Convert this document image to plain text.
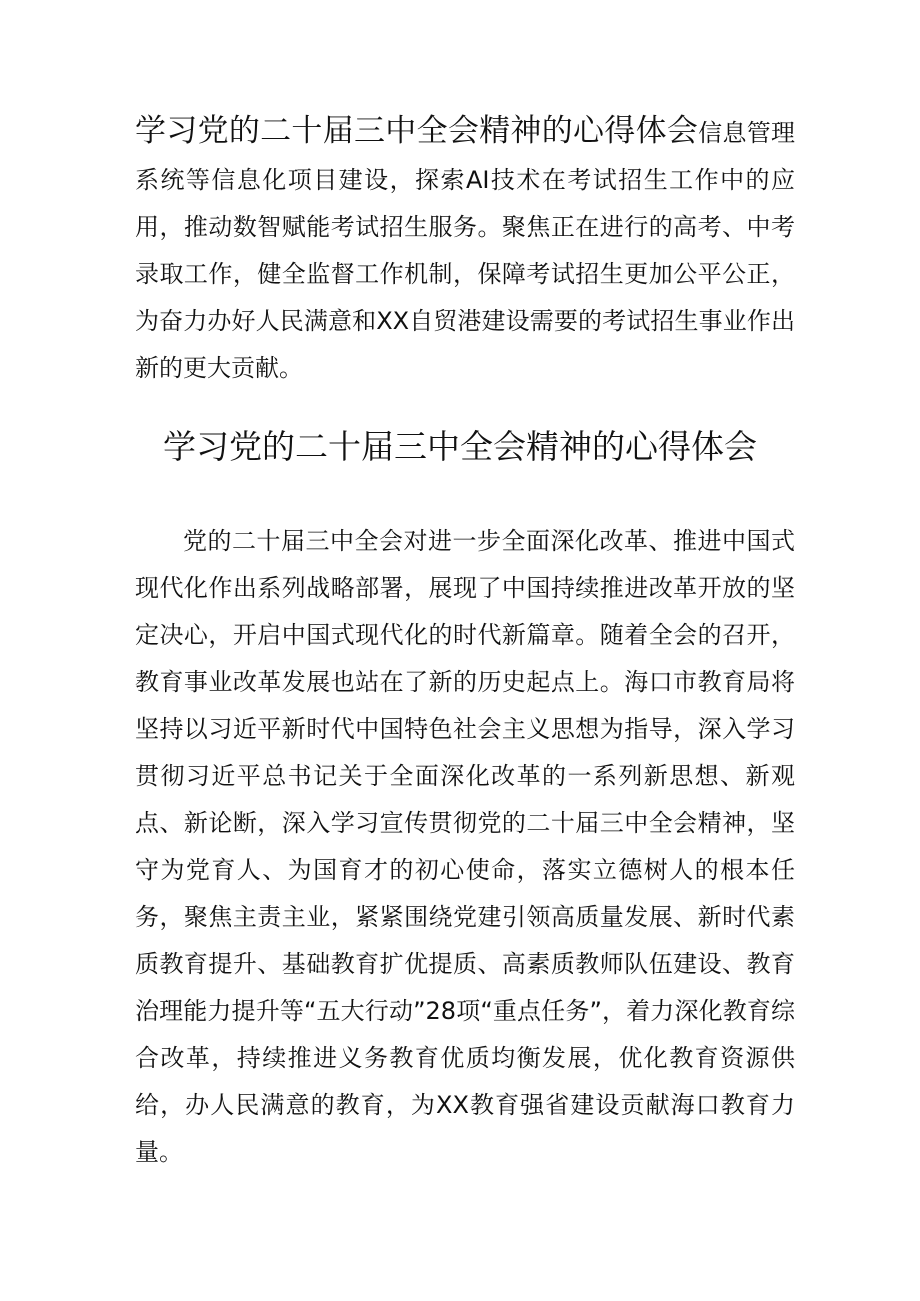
学习党的二十届三中全会精神的心得体会信息管理系统等信息化项目建设，探索AI技术在考试招生工作中的应用，推动数智赋能考试招生服务。聚焦正在进行的高考、中考录取工作，健全监督工作机制，保障考试招生更加公平公正，为奋力办好人民满意和XX自贸港建设需要的考试招生事业作出新的更大贡献。
学习党的二十届三中全会精神的心得体会
党的二十届三中全会对进一步全面深化改革、推进中国式现代化作出系列战略部署，展现了中国持续推进改革开放的坚定决心，开启中国式现代化的时代新篇章。随着全会的召开，教育事业改革发展也站在了新的历史起点上。海口市教育局将坚持以习近平新时代中国特色社会主义思想为指导，深入学习贯彻习近平总书记关于全面深化改革的一系列新思想、新观点、新论断，深入学习宣传贯彻党的二十届三中全会精神，坚守为党育人、为国育才的初心使命，落实立德树人的根本任务，聚焦主责主业，紧紧围绕党建引领高质量发展、新时代素质教育提升、基础教育扩优提质、高素质教师队伍建设、教育治理能力提升等“五大行动”28项“重点任务”，着力深化教育综合改革，持续推进义务教育优质均衡发展，优化教育资源供给，办人民满意的教育，为XX教育强省建设贡献海口教育力量。
